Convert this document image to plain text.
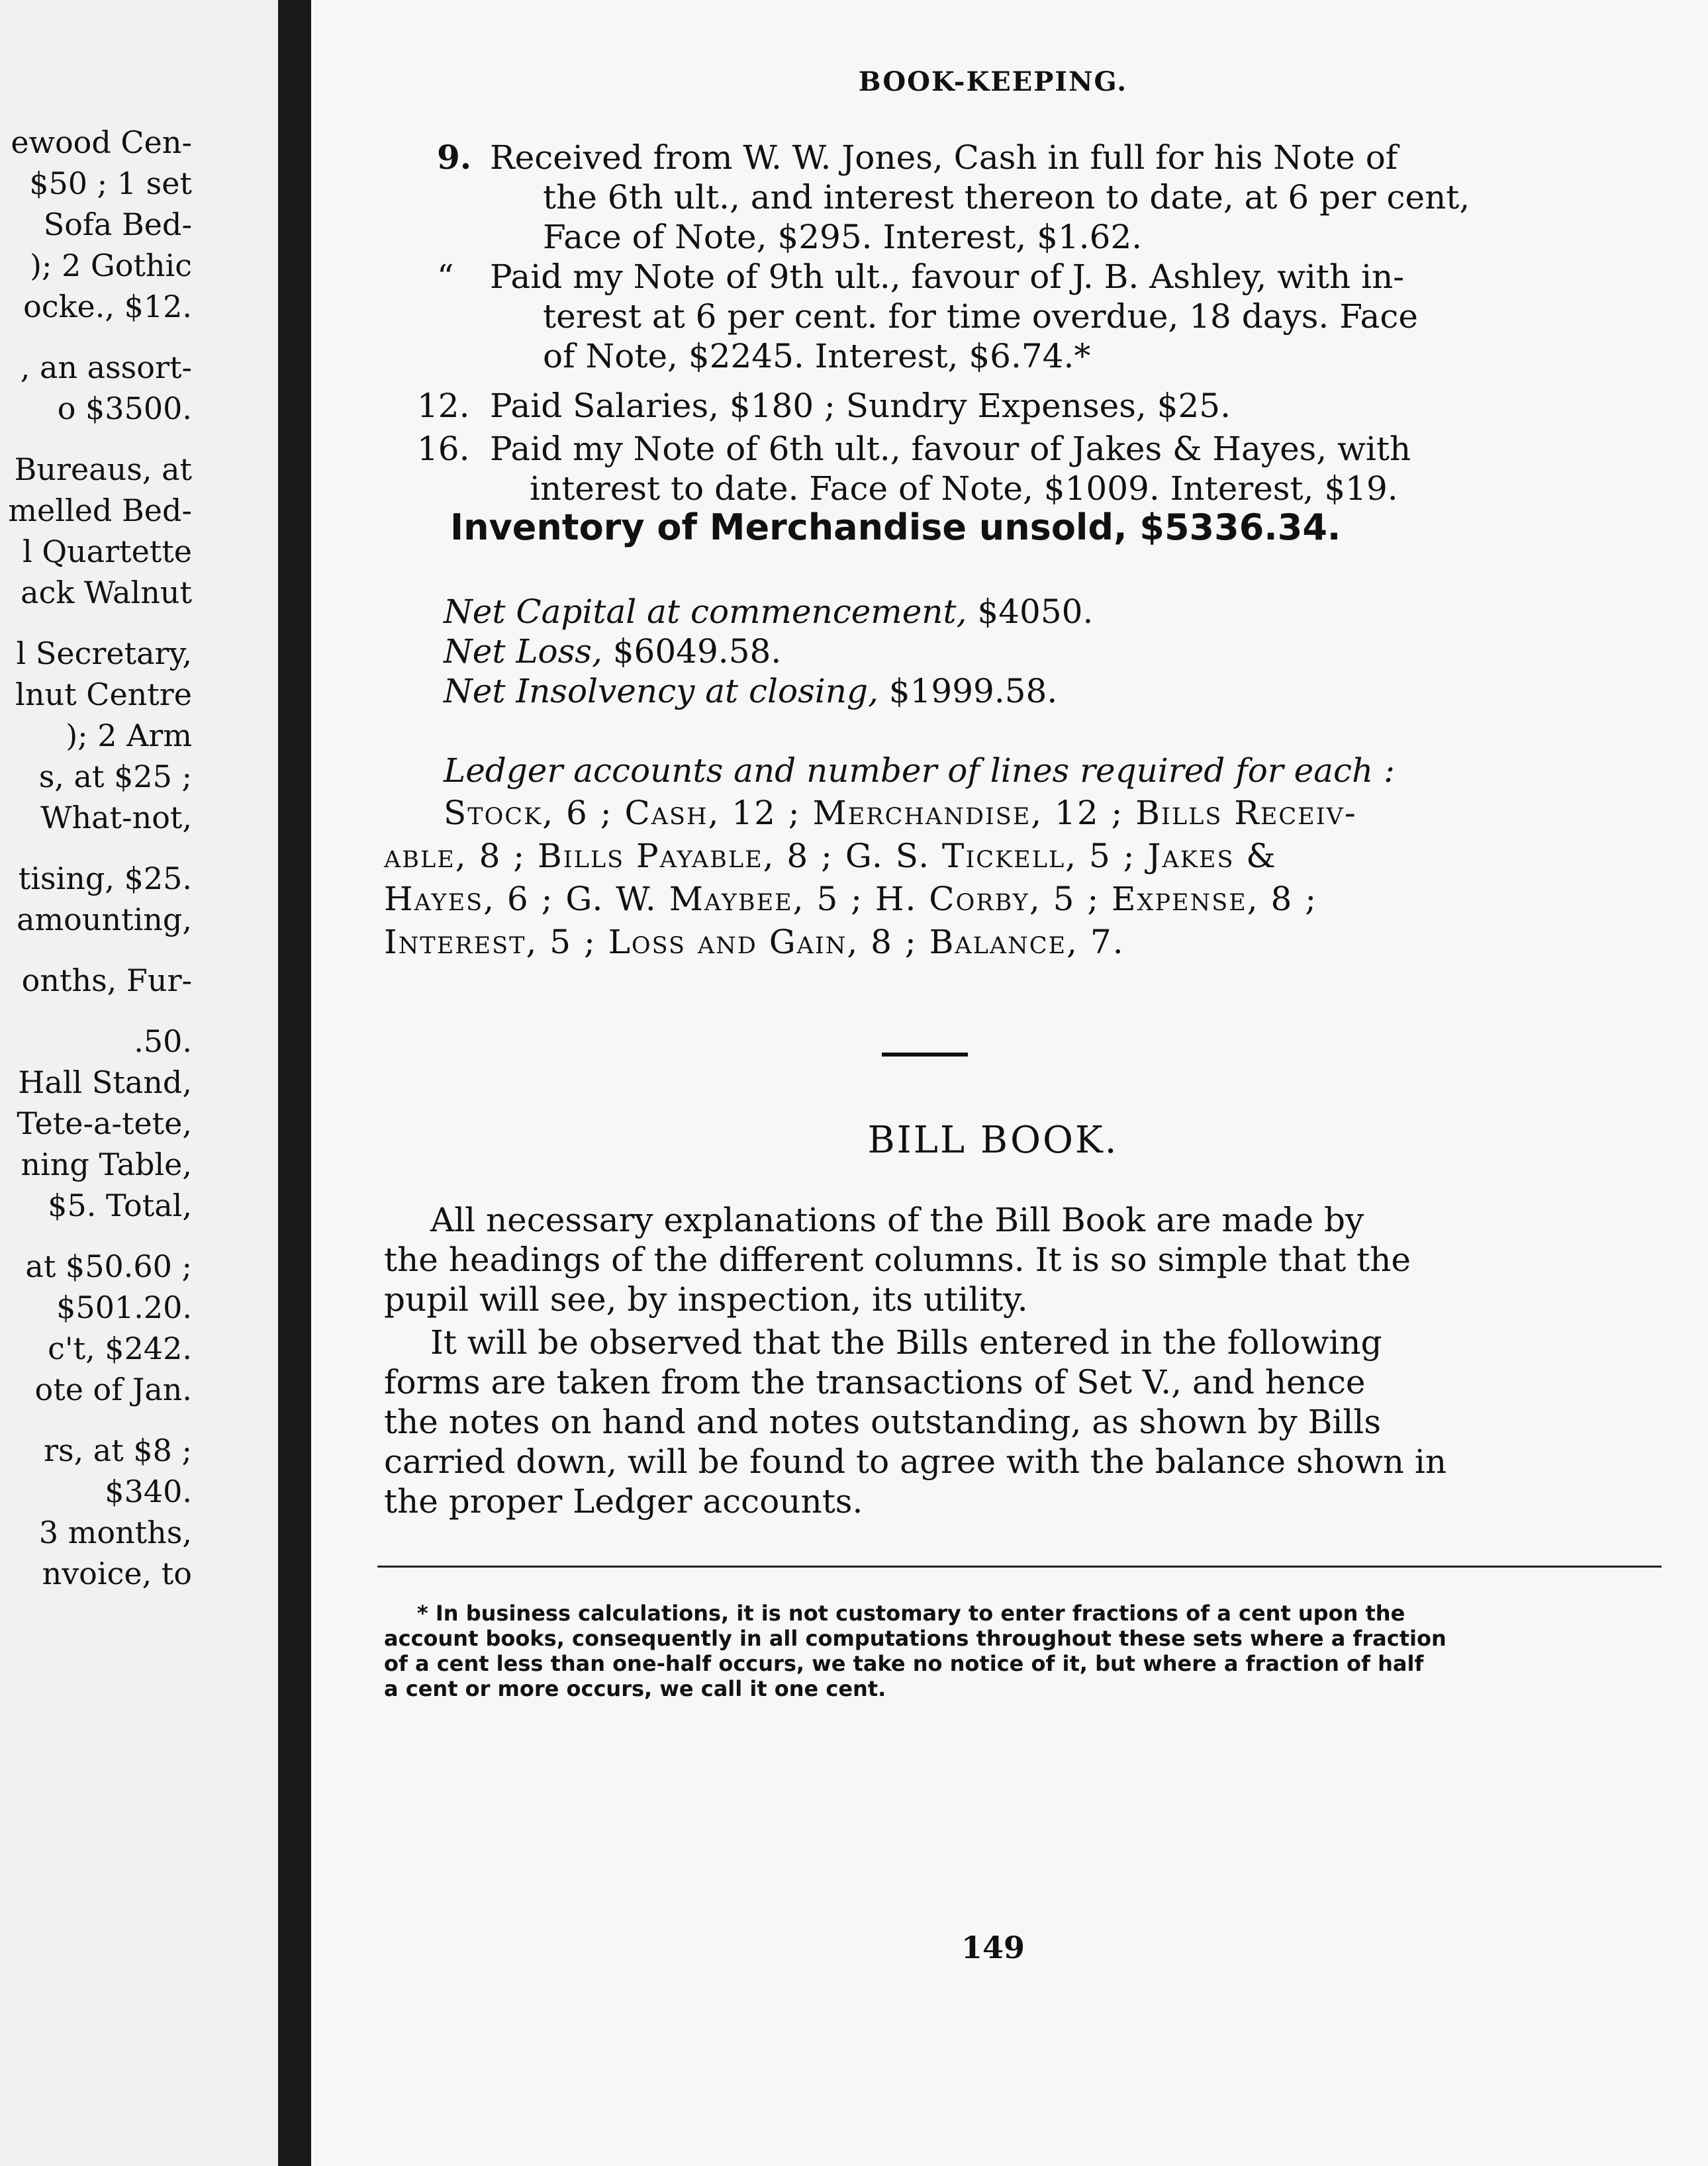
ewood Cen-
$50 ; 1 set
Sofa Bed-
); 2 Gothic
ocke., $12.
, an assort-
o $3500.
Bureaus, at
melled Bed-
l Quartette
ack Walnut
l Secretary,
lnut Centre
); 2 Arm
s, at $25 ;
What-not,
tising, $25.
amounting,
onths, Fur-
.50.
Hall Stand,
Tete-a-tete,
ning Table,
$5. Total,
at $50.60 ;
$501.20.
c't, $242.
ote of Jan.
rs, at $8 ;
$340.
3 months,
nvoice, to
BOOK-KEEPING.
9. Received from W. W. Jones, Cash in full for his Note of
the 6th ult., and interest thereon to date, at 6 per cent,
Face of Note, $295. Interest, $1.62.
“ Paid my Note of 9th ult., favour of J. B. Ashley, with in-
terest at 6 per cent. for time overdue, 18 days. Face
of Note, $2245. Interest, $6.74.*
12. Paid Salaries, $180 ; Sundry Expenses, $25.
16. Paid my Note of 6th ult., favour of Jakes & Hayes, with
interest to date. Face of Note, $1009. Interest, $19.
Inventory of Merchandise unsold, $5336.34.
Net Capital at commencement, $4050.
Net Loss, $6049.58.
Net Insolvency at closing, $1999.58.
Ledger accounts and number of lines required for each :
Stock, 6 ; Cash, 12 ; Merchandise, 12 ; Bills Receiv-
able, 8 ; Bills Payable, 8 ; G. S. Tickell, 5 ; Jakes &
Hayes, 6 ; G. W. Maybee, 5 ; H. Corby, 5 ; Expense, 8 ;
Interest, 5 ; Loss and Gain, 8 ; Balance, 7.
BILL BOOK.
All necessary explanations of the Bill Book are made by
the headings of the different columns. It is so simple that the
pupil will see, by inspection, its utility.
It will be observed that the Bills entered in the following
forms are taken from the transactions of Set V., and hence
the notes on hand and notes outstanding, as shown by Bills
carried down, will be found to agree with the balance shown in
the proper Ledger accounts.
* In business calculations, it is not customary to enter fractions of a cent upon the
account books, consequently in all computations throughout these sets where a fraction
of a cent less than one-half occurs, we take no notice of it, but where a fraction of half
a cent or more occurs, we call it one cent.
149
